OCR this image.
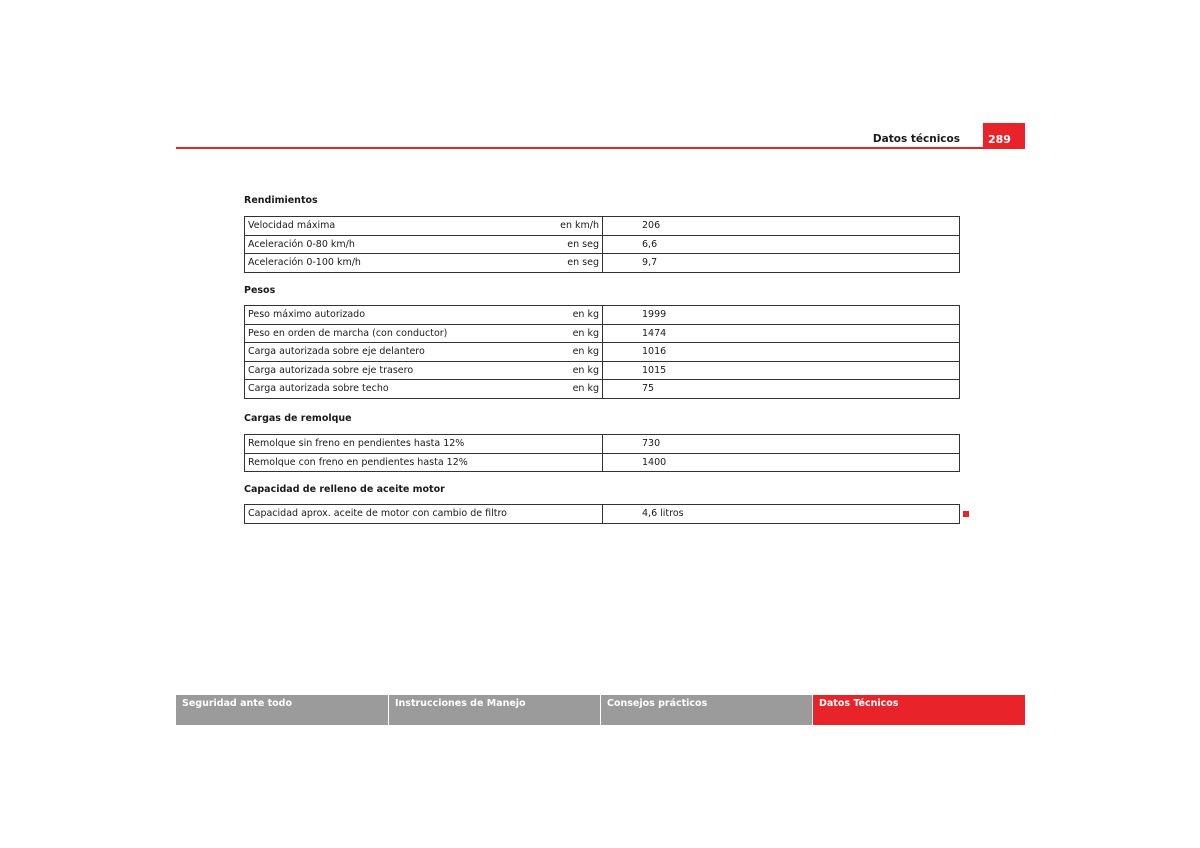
Datos técnicos	289
Rendimientos
Velocidad máxima	en km/h	206
Aceleración 0-80 km/h	en seg	6,6
Aceleración 0-100 km/h	en seg	9,7
Pesos
Peso máximo autorizado	en kg	1999
Peso en orden de marcha (con conductor)	en kg	1474
Carga autorizada sobre eje delantero	en kg	1016
Carga autorizada sobre eje trasero	en kg	1015
Carga autorizada sobre techo	en kg	75
Cargas de remolque
Remolque sin freno en pendientes hasta 12%	730
Remolque con freno en pendientes hasta 12%	1400
Capacidad de relleno de aceite motor
Capacidad aprox. aceite de motor con cambio de filtro	4,6 litros
Seguridad ante todo	Instrucciones de Manejo	Consejos prácticos	Datos Técnicos
